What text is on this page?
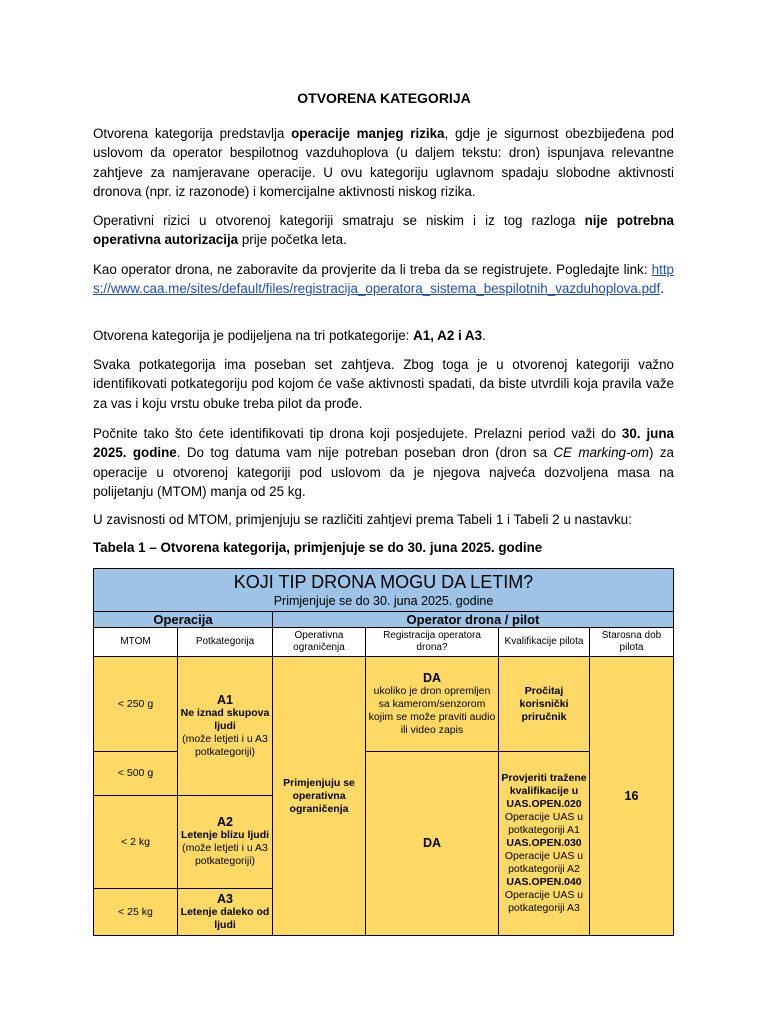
OTVORENA KATEGORIJA
Otvorena kategorija predstavlja operacije manjeg rizika, gdje je sigurnost obezbijeđena pod uslovom da operator bespilotnog vazduhoplova (u daljem tekstu: dron) ispunjava relevantne zahtjeve za namjeravane operacije. U ovu kategoriju uglavnom spadaju slobodne aktivnosti dronova (npr. iz razonode) i komercijalne aktivnosti niskog rizika.
Operativni rizici u otvorenoj kategoriji smatraju se niskim i iz tog razloga nije potrebna operativna autorizacija prije početka leta.
Kao operator drona, ne zaboravite da provjerite da li treba da se registrujete. Pogledajte link: https://www.caa.me/sites/default/files/registracija_operatora_sistema_bespilotnih_vazduhoplova.pdf.
Otvorena kategorija je podijeljena na tri potkategorije: A1, A2 i A3.
Svaka potkategorija ima poseban set zahtjeva. Zbog toga je u otvorenoj kategoriji važno identifikovati potkategoriju pod kojom će vaše aktivnosti spadati, da biste utvrdili koja pravila važe za vas i koju vrstu obuke treba pilot da prođe.
Počnite tako što ćete identifikovati tip drona koji posjedujete. Prelazni period važi do 30. juna 2025. godine. Do tog datuma vam nije potreban poseban dron (dron sa CE marking-om) za operacije u otvorenoj kategoriji pod uslovom da je njegova najveća dozvoljena masa na polijetanju (MTOM) manja od 25 kg.
U zavisnosti od MTOM, primjenjuju se različiti zahtjevi prema Tabeli 1 i Tabeli 2 u nastavku:
Tabela 1 – Otvorena kategorija, primjenjuje se do 30. juna 2025. godine
KOJI TIP DRONA MOGU DA LETIM?
Primjenjuje se do 30. juna 2025. godine
Operacija	Operator drona / pilot
MTOM	Potkategorija
Operativna ograničenja
Registracija operatora drona?
Kvalifikacije pilota
Starosna dob pilota
< 250 g
< 500 g
< 2 kg
< 25 kg
A1
Ne iznad skupova ljudi
(može letjeti i u A3 potkategoriji)
A2
Letenje blizu ljudi
(može letjeti i u A3 potkategoriji)
A3
Letenje daleko od ljudi
Primjenjuju se operativna ograničenja
DA
ukoliko je dron opremljen sa kamerom/senzorom kojim se može praviti audio ili video zapis
DA
Pročitaj korisnički priručnik
Provjeriti tražene kvalifikacije u
UAS.OPEN.020
Operacije UAS u potkategoriji A1
UAS.OPEN.030
Operacije UAS u potkategoriji A2
UAS.OPEN.040
Operacije UAS u potkategoriji A3
16
